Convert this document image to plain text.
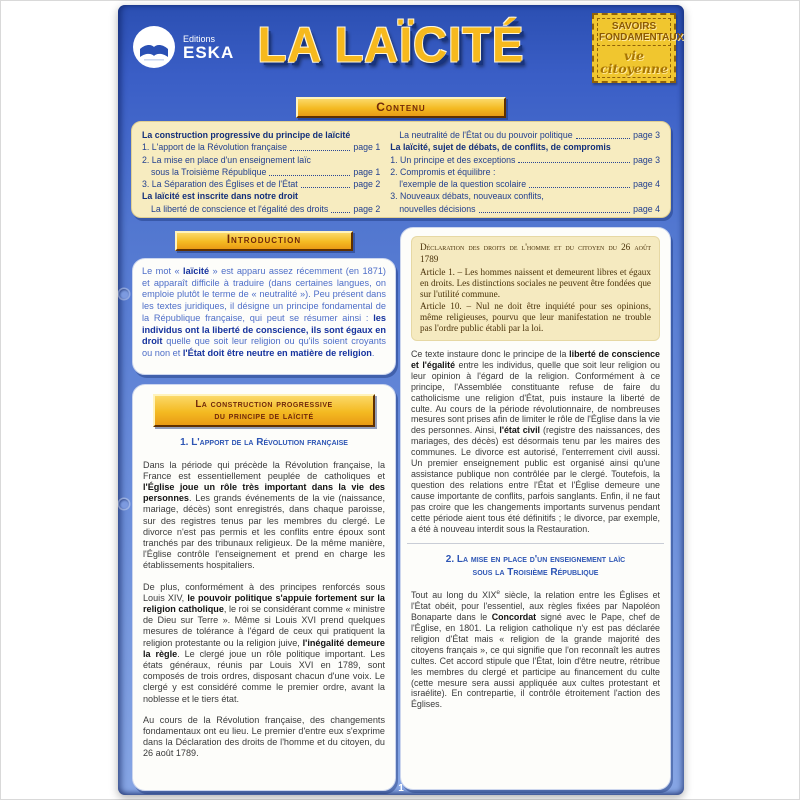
Editions
ESKA LA LAÏCITÉ	SAVOIRS
FONDAMENTAUX
vie citoyenne
Contenu
La construction progressive du principe de laïcité
1. L'apport de la Révolution française	page 1
2. La mise en place d'un enseignement laïc
sous la Troisième République	page 1
3. La Séparation des Églises et de l'État	page 2
La laïcité est inscrite dans notre droit
La liberté de conscience et l'égalité des droits	page 2
La neutralité de l'État ou du pouvoir politique	page 3
La laïcité, sujet de débats, de conflits, de compromis
1. Un principe et des exceptions	page 3
2. Compromis et équilibre :
l'exemple de la question scolaire	page 4
3. Nouveaux débats, nouveaux conflits,
nouvelles décisions	page 4
Introduction
Le mot « laïcité » est apparu assez récemment (en 1871) et apparaît difficile à traduire (dans certaines langues, on emploie plutôt le terme de « neutralité »). Peu présent dans les textes juridiques, il désigne un principe fondamental de la République française, qui peut se résumer ainsi : les individus ont la liberté de conscience, ils sont égaux en droit quelle que soit leur religion ou qu'ils soient croyants ou non et l'État doit être neutre en matière de religion.
La construction progressive
du principe de laïcité
1. L'apport de la Révolution française

Dans la période qui précède la Révolution française, la France est essentiellement peuplée de catholiques et l'Église joue un rôle très important dans la vie des personnes. Les grands événements de la vie (naissance, mariage, décès) sont enregistrés, dans chaque paroisse, sur des registres tenus par les membres du clergé. Le divorce n'est pas permis et les conflits entre époux sont tranchés par des tribunaux religieux. De la même manière, l'Église contrôle l'enseignement et prend en charge les établissements hospitaliers.

De plus, conformément à des principes renforcés sous Louis XIV, le pouvoir politique s'appuie fortement sur la religion catholique, le roi se considérant comme « ministre de Dieu sur Terre ». Même si Louis XVI prend quelques mesures de tolérance à l'égard de ceux qui pratiquent la religion protestante ou la religion juive, l'inégalité demeure la règle. Le clergé joue un rôle politique important. Les états généraux, réunis par Louis XVI en 1789, sont composés de trois ordres, disposant chacun d'une voix. Le clergé y est considéré comme le premier ordre, avant la noblesse et le tiers état.

Au cours de la Révolution française, des changements fondamentaux ont eu lieu. Le premier d'entre eux s'exprime dans la Déclaration des droits de l'homme et du citoyen, du 26 août 1789.

Déclaration des droits de l'homme et du citoyen du 26 août 1789
Article 1. – Les hommes naissent et demeurent libres et égaux en droits. Les distinctions sociales ne peuvent être fondées que sur l'utilité commune.
Article 10. – Nul ne doit être inquiété pour ses opinions, même religieuses, pourvu que leur manifestation ne trouble pas l'ordre public établi par la loi.

Ce texte instaure donc le principe de la liberté de conscience et l'égalité entre les individus, quelle que soit leur religion ou leur opinion à l'égard de la religion. Conformément à ce principe, l'Assemblée constituante refuse de faire du catholicisme une religion d'État, puis instaure la liberté de culte. Au cours de la période révolutionnaire, de nombreuses mesures sont prises afin de limiter le rôle de l'Église dans la vie des personnes. Ainsi, l'état civil (registre des naissances, des mariages, des décès) est désormais tenu par les maires des communes. Le divorce est autorisé, l'enterrement civil aussi. Un premier enseignement public est organisé ainsi qu'une assistance publique non contrôlée par le clergé. Toutefois, la question des relations entre l'État et l'Église demeure une cause importante de conflits, parfois sanglants. Enfin, il ne faut pas croire que les changements importants survenus pendant cette période aient tous été définitifs ; le divorce, par exemple, a été à nouveau interdit sous la Restauration.

2. La mise en place d'un enseignement laïc
sous la Troisième République

Tout au long du XIXe siècle, la relation entre les Églises et l'État obéit, pour l'essentiel, aux règles fixées par Napoléon Bonaparte dans le Concordat signé avec le Pape, chef de l'Église, en 1801. La religion catholique n'y est pas déclarée religion d'État mais « religion de la grande majorité des citoyens français », ce qui signifie que l'on reconnaît les autres cultes. Cet accord stipule que l'État, loin d'être neutre, rétribue les membres du clergé et participe au financement du culte (cette mesure sera aussi appliquée aux cultes protestant et israélite). En contrepartie, il contrôle étroitement l'action des Églises.

1
